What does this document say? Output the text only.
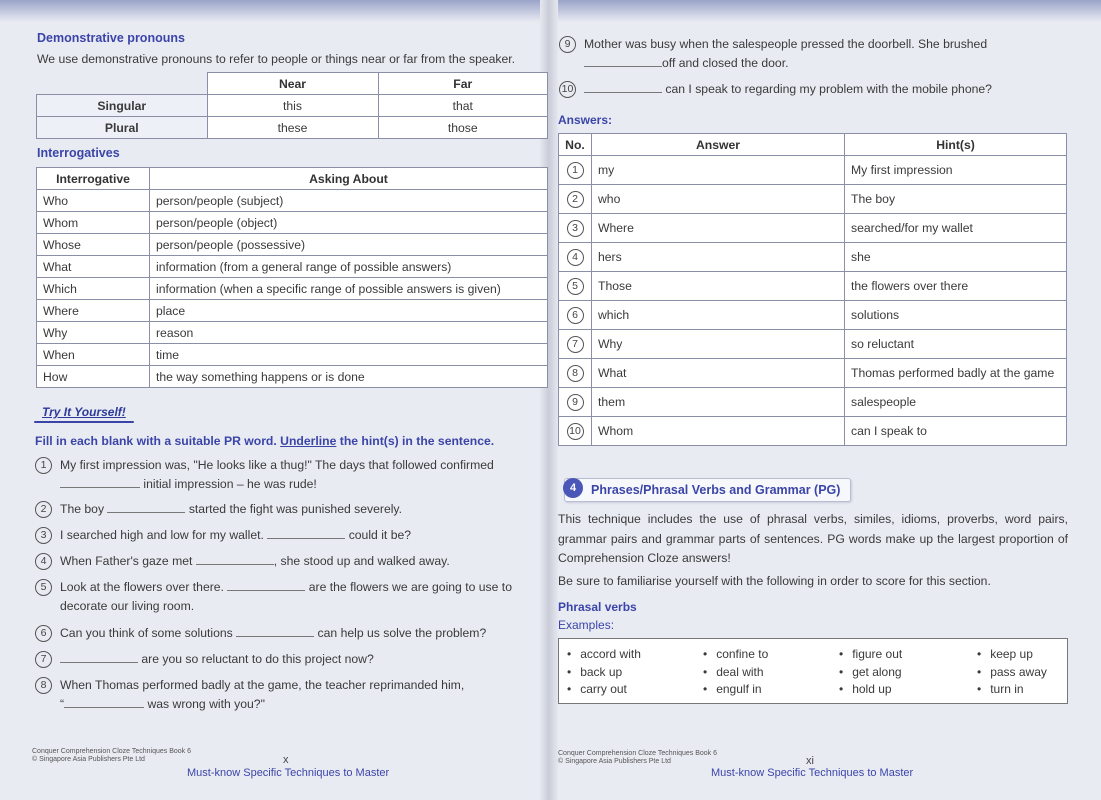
Demonstrative pronouns
We use demonstrative pronouns to refer to people or things near or far from the speaker.
	Near	Far
Singular	this	that
Plural	these	those
Interrogatives
Interrogative	Asking About
Who	person/people (subject)
Whom	person/people (object)
Whose	person/people (possessive)
What	information (from a general range of possible answers)
Which	information (when a specific range of possible answers is given)
Where	place
Why	reason
When	time
How	the way something happens or is done
Try It Yourself!
Fill in each blank with a suitable PR word. Underline the hint(s) in the sentence.
1 My first impression was, "He looks like a thug!" The days that followed confirmed
initial impression – he was rude!
2 The boy	started the fight was punished severely.
3 I searched high and low for my wallet.	could it be?
4 When Father's gaze met	, she stood up and walked away.
5 Look at the flowers over there.	are the flowers we are going to use to
decorate our living room.
6 Can you think of some solutions	can help us solve the problem?
7	are you so reluctant to do this project now?
8 When Thomas performed badly at the game, the teacher reprimanded him,
“	was wrong with you?"
Conquer Comprehension Cloze Techniques Book 6
© Singapore Asia Publishers Pte Ltd	x
Must-know Specific Techniques to Master
9 Mother was busy when the salespeople pressed the doorbell. She brushed
off and closed the door.
10	can I speak to regarding my problem with the mobile phone?
Answers:
No.	Answer	Hint(s)
1	my	My first impression
2	who	The boy
3	Where	searched/for my wallet
4	hers	she
5	Those	the flowers over there
6	which	solutions
7	Why	so reluctant
8	What	Thomas performed badly at the game
9	them	salespeople
10	Whom	can I speak to
4	Phrases/Phrasal Verbs and Grammar (PG)
This technique includes the use of phrasal verbs, similes, idioms, proverbs, word pairs, grammar pairs and grammar parts of sentences. PG words make up the largest proportion of Comprehension Cloze answers!
Be sure to familiarise yourself with the following in order to score for this section.
Phrasal verbs
Examples:
• accord with
• back up
• carry out
• confine to
• deal with
• engulf in
• figure out
• get along
• hold up
• keep up
• pass away
• turn in
Conquer Comprehension Cloze Techniques Book 6
© Singapore Asia Publishers Pte Ltd	xi
Must-know Specific Techniques to Master
